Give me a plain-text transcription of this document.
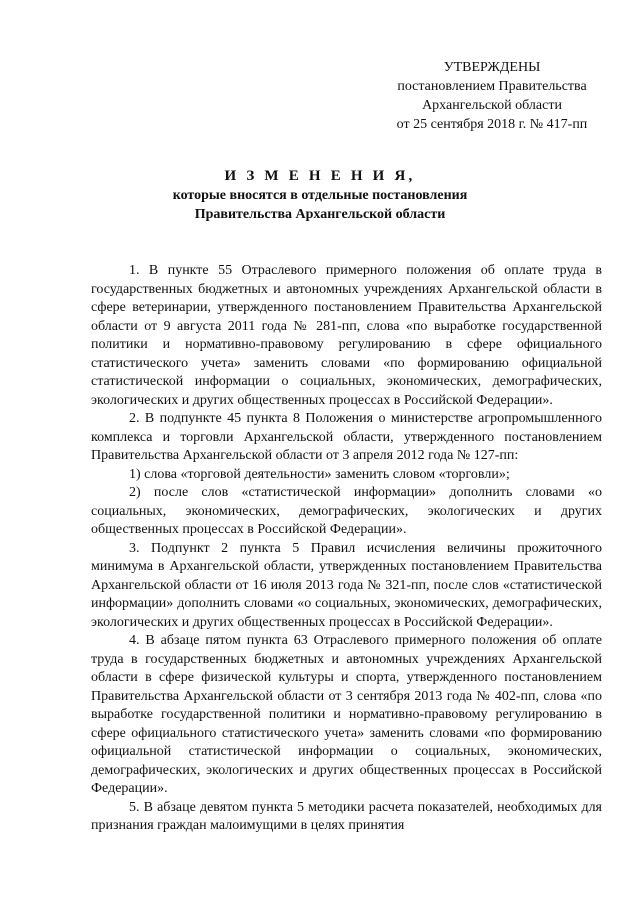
УТВЕРЖДЕНЫ
постановлением Правительства
Архангельской области
от 25 сентября 2018 г. № 417-пп
И З М Е Н Е Н И Я,
которые вносятся в отдельные постановления
Правительства Архангельской области

1. В пункте 55 Отраслевого примерного положения об оплате труда в государственных бюджетных и автономных учреждениях Архангельской области в сфере ветеринарии, утвержденного постановлением Правительства Архангельской области от 9 августа 2011 года № 281-пп, слова «по выработке государственной политики и нормативно-правовому регулированию в сфере официального статистического учета» заменить словами «по формированию официальной статистической информации о социальных, экономических, демографических, экологических и других общественных процессах в Российской Федерации».

2. В подпункте 45 пункта 8 Положения о министерстве агропромышленного комплекса и торговли Архангельской области, утвержденного постановлением Правительства Архангельской области от 3 апреля 2012 года № 127-пп:

1) слова «торговой деятельности» заменить словом «торговли»;

2) после слов «статистической информации» дополнить словами «о социальных, экономических, демографических, экологических и других общественных процессах в Российской Федерации».

3. Подпункт 2 пункта 5 Правил исчисления величины прожиточного минимума в Архангельской области, утвержденных постановлением Правительства Архангельской области от 16 июля 2013 года № 321-пп, после слов «статистической информации» дополнить словами «о социальных, экономических, демографических, экологических и других общественных процессах в Российской Федерации».

4. В абзаце пятом пункта 63 Отраслевого примерного положения об оплате труда в государственных бюджетных и автономных учреждениях Архангельской области в сфере физической культуры и спорта, утвержденного постановлением Правительства Архангельской области от 3 сентября 2013 года № 402-пп, слова «по выработке государственной политики и нормативно-правовому регулированию в сфере официального статистического учета» заменить словами «по формированию официальной статистической информации о социальных, экономических, демографических, экологических и других общественных процессах в Российской Федерации».

5. В абзаце девятом пункта 5 методики расчета показателей, необходимых для признания граждан малоимущими в целях принятия
